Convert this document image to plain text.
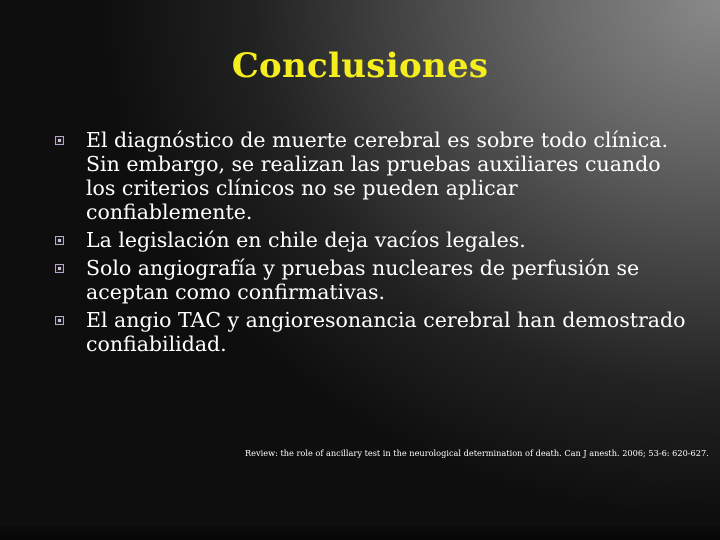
Conclusiones
El diagnóstico de muerte cerebral es sobre todo clínica. Sin embargo, se realizan las pruebas auxiliares cuando los criterios clínicos no se pueden aplicar confiablemente.
La legislación en chile deja vacíos legales.
Solo angiografía y pruebas nucleares de perfusión se aceptan como confirmativas.
El angio TAC y angioresonancia cerebral han demostrado confiabilidad.
Review: the role of ancillary test in the neurological determination of death. Can J anesth. 2006; 53-6: 620-627.
